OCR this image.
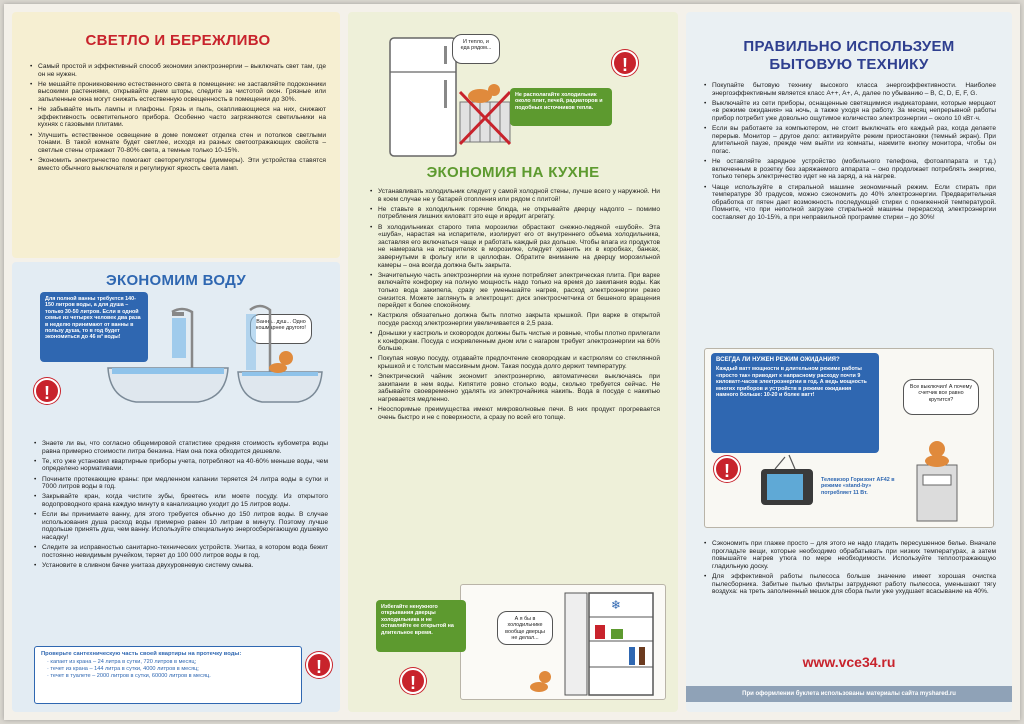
СВЕТЛО И БЕРЕЖЛИВО
• Самый простой и эффективный способ экономии электроэнергии – выключать свет там, где он не нужен.
• Не мешайте проникновению естественного света в помещение: не заставляйте подоконники высокими растениями, открывайте днем шторы, следите за чистотой окон. Грязные или запыленные окна могут снижать естественную освещенность в помещении до 30%.
• Не забывайте мыть лампы и плафоны. Грязь и пыль, скапливающиеся на них, снижают эффективность осветительного прибора. Особенно часто загрязняются светильники на кухнях с газовыми плитами.
• Улучшить естественное освещение в доме поможет отделка стен и потолков светлыми тонами. В такой комнате будет светлее, исходя из разных светоотражающих свойств – светлые стены отражают 70-80% света, а темные только 10-15%.
• Экономить электричество помогают светорегуляторы (диммеры). Эти устройства ставятся вместо обычного выключателя и регулируют яркость света ламп.
ЭКОНОМИМ ВОДУ
Для полной ванны требуется 140-150 литров воды, а для душа – только 30-50 литров. Если в одной семье из четырех человек два раза в неделю принимают от ванны в пользу душа, то в год будет экономиться до 46 м³ воды!
Ванна.. душ... Одно кошмарнее другого!
!
• Знаете ли вы, что согласно общемировой статистике средняя стоимость кубометра воды равна примерно стоимости литра бензина. Нам она пока обходится дешевле.
• Те, кто уже установил квартирные приборы учета, потребляют на 40-60% меньше воды, чем определено нормативами.
• Почините протекающие краны: при медленном капании теряется 24 литра воды в сутки и 7000 литров воды в год.
• Закрывайте кран, когда чистите зубы, бреетесь или моете посуду. Из открытого водопроводного крана каждую минуту в канализацию уходит до 15 литров воды.
• Если вы принимаете ванну, для этого требуется обычно до 150 литров воды. В случае использования душа расход воды примерно равен 10 литрам в минуту. Поэтому лучше подольше принять душ, чем ванну. Используйте специальную энергосберегающую душевую насадку!
• Следите за исправностью санитарно-технических устройств. Унитаз, в котором вода бежит постоянно невидимым ручейком, теряет до 100 000 литров воды в год.
• Установите в сливном бачке унитаза двухуровневую систему смыва.
Проверьте сантехническую часть своей квартиры на протечку воды:
· капает из крана – 24 литра в сутки, 720 литров в месяц;
· течет из крана – 144 литра в сутки, 4000 литров в месяц;
· течет в туалете – 2000 литров в сутки, 60000 литров в месяц.	!
И тепло, и еда рядом...
Не располагайте холодильник около плит, печей, радиаторов и подобных источников тепла.
!
ЭКОНОМИЯ НА КУХНЕ
• Устанавливать холодильник следует у самой холодной стены, лучше всего у наружной. Ни в коем случае не у батарей отопления или рядом с плитой!
• Не ставьте в холодильник горячие блюда, не открывайте дверцу надолго – помимо потребления лишних киловатт это еще и вредит агрегату.
• В холодильниках старого типа морозилки обрастают снежно-ледяной «шубой». Эта «шуба», нарастая на испарителе, изолирует его от внутреннего объема холодильника, заставляя его включаться чаще и работать каждый раз дольше. Чтобы влага из продуктов не намерзала на испарителях в морозилке, следует хранить их в коробках, банках, завернутыми в фольгу или в целлофан. Обратите внимание на дверцу морозильной камеры – она всегда должна быть закрыта.
• Значительную часть электроэнергии на кухне потребляет электрическая плита. При варке включайте конфорку на полную мощность надо только на время до закипания воды. Как только вода закипела, сразу же уменьшайте нагрев, расход электроэнергии резко снизится. Можете заглянуть в электрощит: диск электросчетчика от бешеного вращения перейдет к более спокойному.
• Кастрюля обязательно должна быть плотно закрыта крышкой. При варке в открытой посуде расход электроэнергии увеличивается в 2,5 раза.
• Донышки у кастрюль и сковородок должны быть чистые и ровные, чтобы плотно прилегали к конфоркам. Посуда с искривленным дном или с нагаром требует электроэнергии на 60% больше.
• Покупая новую посуду, отдавайте предпочтение сковородкам и кастрюлям со стеклянной крышкой и с толстым массивным дном. Такая посуда долго держит температуру.
• Электрический чайник экономит электроэнергию, автоматически выключаясь при закипании в нем воды. Кипятите ровно столько воды, сколько требуется сейчас. Не забывайте своевременно удалять из электрочайника накипь. Вода в посуде с накипью нагревается медленно.
• Неоспоримые преимущества имеют микроволновые печи. В них продукт прогревается очень быстро и не с поверхности, а сразу по всей его толще.
❄
А я бы в холодильнике вообще дверцы не делал...
Избегайте ненужного открывания дверцы холодильника и не оставляйте ее открытой на длительное время.
!
ПРАВИЛЬНО ИСПОЛЬЗУЕМ
БЫТОВУЮ ТЕХНИКУ
• Покупайте бытовую технику высокого класса энергоэффективности. Наиболее энергоэффективным является класс А++, А+, А, далее по убыванию – B, C, D, E, F, G.
• Выключайте из сети приборы, оснащенные светящимися индикаторами, которые мерцают «в режиме ожидания» на ночь, а также уходя на работу. За месяц непрерывной работы прибор потребит уже довольно ощутимое количество электроэнергии – около 10 кВт·ч.
• Если вы работаете за компьютером, не стоит выключать его каждый раз, когда делаете перерыв. Монитор – другое дело: активируйте режим приостановки (темный экран). При длительной паузе, прежде чем выйти из комнаты, нажмите кнопку монитора, чтобы он погас.
• Не оставляйте зарядное устройство (мобильного телефона, фотоаппарата и т.д.) включенным в розетку без заряжаемого аппарата – оно продолжает потреблять энергию, только теперь электричество идет не на заряд, а на нагрев.
• Чаще используйте в стиральной машине экономичный режим. Если стирать при температуре 30 градусов, можно сэкономить до 40% электроэнергии. Предварительная обработка от пятен дает возможность последующей стирки с пониженной температурой. Помните, что при неполной загрузке стиральной машины перерасход электроэнергии составляет до 10-15%, а при неправильной программе стирки – до 30%!
ВСЕГДА ЛИ НУЖЕН РЕЖИМ ОЖИДАНИЯ?
Каждый ватт мощности в длительном режиме работы «просто так» приводит к напрасному расходу почти 9 киловатт-часов электроэнергии в год. А ведь мощность многих приборов и устройств в режиме ожидания намного больше: 10-20 и более ватт!
Все выключил! А почему счетчик все равно крутится?
Телевизор Горизонт AF42 в режиме «stand-by» потребляет 11 Вт.
!
• Сэкономить при глажке просто – для этого не надо гладить пересушенное белье. Вначале прогладьте вещи, которые необходимо обрабатывать при низких температурах, а затем повышайте нагрев утюга по мере необходимости. Используйте теплоотражающую гладильную доску.
• Для эффективной работы пылесоса больше значение имеет хорошая очистка пылесборника. Забитые пылью фильтры затрудняют работу пылесоса, уменьшают тягу воздуха: на треть заполненный мешок для сбора пыли уже ухудшает всасывание на 40%.
www.vce34.ru
При оформлении буклета использованы материалы сайта myshared.ru
